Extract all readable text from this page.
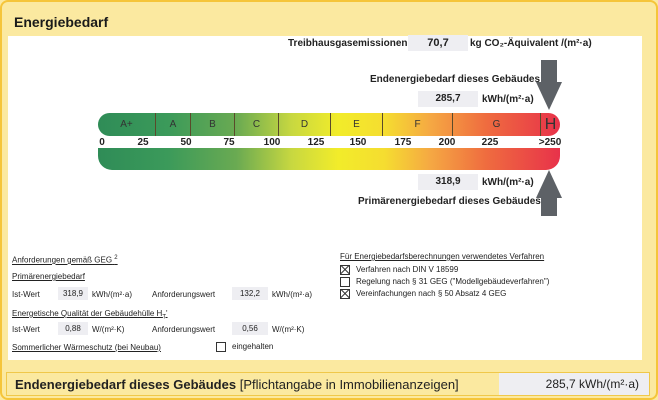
Energiebedarf
Treibhausgasemissionen	70,7	kg CO₂-Äquivalent /(m²·a)
Endenergiebedarf dieses Gebäudes
285,7	kWh/(m²·a)
A+	A	B	C	D	E	F	G	H
0	25	50	75	100	125	150	175	200	225	>250
318,9	kWh/(m²·a)
Primärenergiebedarf dieses Gebäudes
Anforderungen gemäß GEG $^2$
Primärenergiebedarf
Ist-Wert	318,9	kWh/(m²·a)	Anforderungswert	132,2	kWh/(m²·a)
Energetische Qualität der Gebäudehülle $H_T'$
Ist-Wert	0,88	W/(m²·K)	Anforderungswert	0,56	W/(m²·K)
Sommerlicher Wärmeschutz (bei Neubau)	eingehalten
Für Energiebedarfsberechnungen verwendetes Verfahren
Verfahren nach DIN V 18599
Regelung nach § 31 GEG ("Modellgebäudeverfahren")
Vereinfachungen nach § 50 Absatz 4 GEG
Endenergiebedarf dieses Gebäudes [Pflichtangabe in Immobilienanzeigen]	285,7 kWh/(m²·a)
